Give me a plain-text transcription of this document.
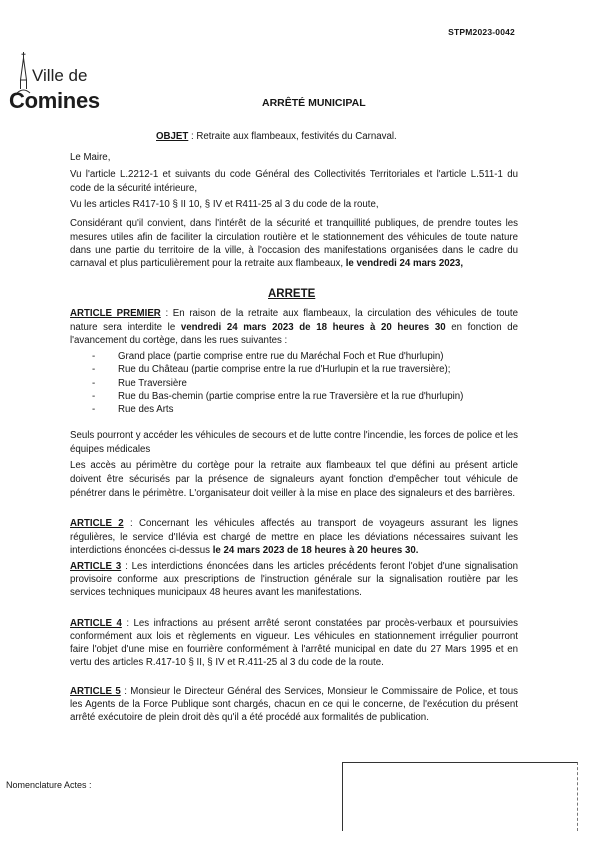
STPM2023-0042
Ville de
Comines	ARRÊTÉ MUNICIPAL
OBJET : Retraite aux flambeaux, festivités du Carnaval.
Le Maire,
Vu l'article L.2212-1 et suivants du code Général des Collectivités Territoriales et l'article L.511-1 du code de la sécurité intérieure,
Vu les articles R417-10 § II 10, § IV et R411-25 al 3 du code de la route,
Considérant qu'il convient, dans l'intérêt de la sécurité et tranquillité publiques, de prendre toutes les mesures utiles afin de faciliter la circulation routière et le stationnement des véhicules de toute nature dans une partie du territoire de la ville, à l'occasion des manifestations organisées dans le cadre du carnaval et plus particulièrement pour la retraite aux flambeaux, le vendredi 24 mars 2023,
ARRETE
ARTICLE PREMIER : En raison de la retraite aux flambeaux, la circulation des véhicules de toute nature sera interdite le vendredi 24 mars 2023 de 18 heures à 20 heures 30 en fonction de l'avancement du cortège, dans les rues suivantes :
- Grand place (partie comprise entre rue du Maréchal Foch et Rue d'hurlupin)
- Rue du Château (partie comprise entre la rue d'Hurlupin et la rue traversière);
- Rue Traversière
- Rue du Bas-chemin (partie comprise entre la rue Traversière et la rue d'hurlupin)
- Rue des Arts
Seuls pourront y accéder les véhicules de secours et de lutte contre l'incendie, les forces de police et les équipes médicales
Les accès au périmètre du cortège pour la retraite aux flambeaux tel que défini au présent article doivent être sécurisés par la présence de signaleurs ayant fonction d'empêcher tout véhicule de pénétrer dans le périmètre. L'organisateur doit veiller à la mise en place des signaleurs et des barrières.
ARTICLE 2 : Concernant les véhicules affectés au transport de voyageurs assurant les lignes régulières, le service d'Ilévia est chargé de mettre en place les déviations nécessaires suivant les interdictions énoncées ci-dessus le 24 mars 2023 de 18 heures à 20 heures 30.
ARTICLE 3 : Les interdictions énoncées dans les articles précédents feront l'objet d'une signalisation provisoire conforme aux prescriptions de l'instruction générale sur la signalisation routière par les services techniques municipaux 48 heures avant les manifestations.
ARTICLE 4 : Les infractions au présent arrêté seront constatées par procès-verbaux et poursuivies conformément aux lois et règlements en vigueur. Les véhicules en stationnement irrégulier pourront faire l'objet d'une mise en fourrière conformément à l'arrêté municipal en date du 27 Mars 1995 et en vertu des articles R.417-10 § II, § IV et R.411-25 al 3 du code de la route.
ARTICLE 5 : Monsieur le Directeur Général des Services, Monsieur le Commissaire de Police, et tous les Agents de la Force Publique sont chargés, chacun en ce qui le concerne, de l'exécution du présent arrêté exécutoire de plein droit dès qu'il a été procédé aux formalités de publication.
Nomenclature Actes :
